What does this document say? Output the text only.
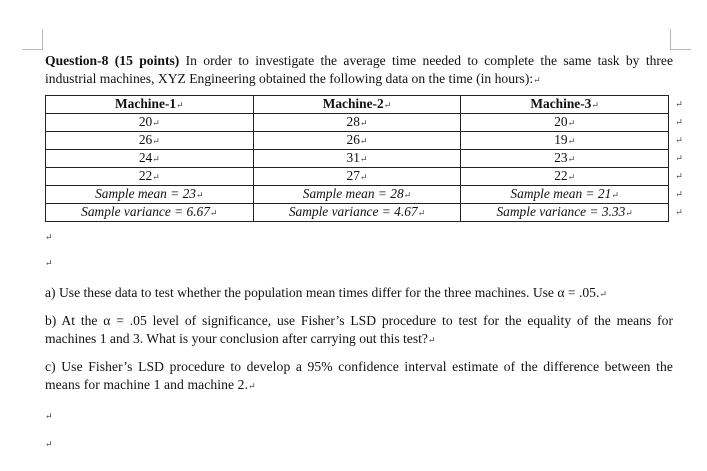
Question-8 (15 points) In order to investigate the average time needed to complete the same task by three industrial machines, XYZ Engineering obtained the following data on the time (in hours):↵

Machine-1↵	Machine-2↵	Machine-3↵
20↵	28↵	20↵
26↵	26↵	19↵
24↵	31↵	23↵
22↵	27↵	22↵
Sample mean = 23↵	Sample mean = 28↵	Sample mean = 21↵
Sample variance = 6.67↵	Sample variance = 4.67↵	Sample variance = 3.33↵
↵
↵
↵
↵
↵
↵
↵
↵
↵

a) Use these data to test whether the population mean times differ for the three machines. Use α = .05.↵

b) At the α = .05 level of significance, use Fisher’s LSD procedure to test for the equality of the means for machines 1 and 3. What is your conclusion after carrying out this test?↵

c) Use Fisher’s LSD procedure to develop a 95% confidence interval estimate of the difference between the means for machine 1 and machine 2.↵

↵
↵
